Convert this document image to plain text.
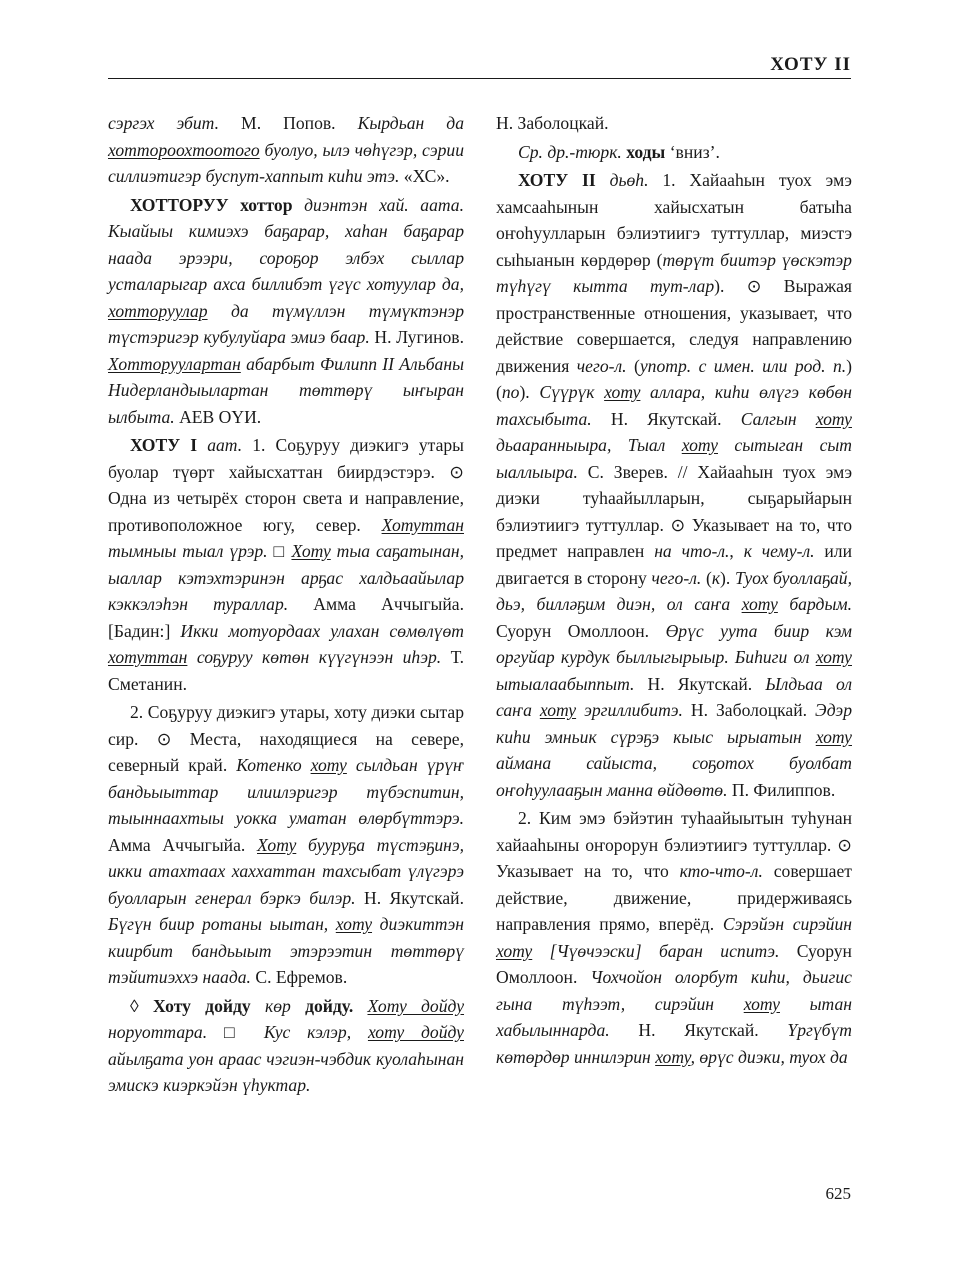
ХОТУ II

сэргэх эбит. М. Попов. Кырдьан да хоттороохтоотого буолуо, ылэ чөһүгэр, сэрии силлиэтигэр буспут-хаппыт киһи этэ. «ХС».

ХОТТОРУУ хоттор диэнтэн хай. аата. Кыайыы кимиэхэ баҕарар, хаһан баҕарар наада эрээри, сороҕор элбэх сыллар усталарыгар ахса биллибэт үгүс хотуулар да, хотторуулар да түмүллэн түмүктэнэр түстэригэр кубулуйара эмиэ баар. Н. Лугинов. Хотторуулартан абарбыт Филипп II Альбаны Нидерландыылартан төттөрү ыҥыран ылбыта. АЕВ ОҮИ.

ХОТУ I аат. 1. Соҕуруу диэкигэ утары буолар түөрт хайысхаттан биирдэстэрэ. ⊙ Одна из четырёх сторон света и направление, противоположное югу, север. Хотуттан тымныы тыал үрэр. □ Хоту тыа саҕатынан, ыаллар кэтэхтэринэн арҕас халдьаайылар кэккэлэһэн тураллар. Амма Аччыгыйа. [Бадин:] Икки мотуордаах улахан сөмөлүөт хотуттан соҕуруу көтөн күүгүнээн иһэр. Т. Сметанин.

2. Соҕуруу диэкигэ утары, хоту диэки сытар сир. ⊙ Места, находящиеся на севере, северный край. Котенко хоту сылдьан үрүҥ бандьыыттар илиилэригэр түбэспитин, тыыннаахтыы уокка уматан өлөрбүттэрэ. Амма Аччыгыйа. Хоту бууруҕа түстэҕинэ, икки атахтаах хаххаттан тахсыбат үлүгэрэ буолларын генерал бэркэ билэр. Н. Якутскай. Бүгүн биир ротаны ыытан, хоту диэкиттэн киирбит бандьыыт этэрээтин төттөрү тэйитиэххэ наада. С. Ефремов.

◊ Хоту дойду көр дойду. Хоту дойду норуоттара. □ Кус кэлэр, хоту дойду айылҕата уон араас чэгиэн-чэбдик куолаһынан эмискэ киэркэйэн үһуктар.

Н. Заболоцкай.

Ср. др.-тюрк. ходы ‘вниз’.

ХОТУ II дьөһ. 1. Хайааһын туох эмэ хамсааһынын хайысхатын батыһа оҥоһуулларын бэлиэтиигэ туттуллар, миэстэ сыһыанын көрдөрөр (төрүт биитэр үөскэтэр түһүгү кытта тут-лар). ⊙ Выражая пространственные отношения, указывает, что действие совершается, следуя направлению движения чего-л. (употр. с имен. или род. п.) (по). Сүүрүк хоту аллара, киһи өлүгэ көбөн тахсыбыта. Н. Якутскай. Салгын хоту дьааранныыра, Тыал хоту сытыган сыт ыаллыыра. С. Зверев. // Хайааһын туох эмэ диэки туһаайылларын, сыҕарыйарын бэлиэтиигэ туттуллар. ⊙ Указывает на то, что предмет направлен на что-л., к чему-л. или двигается в сторону чего-л. (к). Туох буоллаҕай, дьэ, билләҕим диэн, ол саҥа хоту бардым. Суорун Омоллоон. Өрүс уута биир кэм оргуйар курдук быллыгырыыр. Биһиги ол хоту ытыалаабыппыт. Н. Якутскай. Ылдьаа ол саҥа хоту эргиллибитэ. Н. Заболоцкай. Эдэр киһи эмньик сүрэҕэ кыыс ырыатын хоту аймана сайыста, соҕотох буолбат оҥоһуулааҕын манна өйдөөтө. П. Филиппов.

2. Ким эмэ бэйэтин туһаайыытын туһунан хайааһыны оҥорорун бэлиэтиигэ туттуллар. ⊙ Указывает на то, что кто-что-л. совершает действие, движение, придерживаясь направления прямо, вперёд. Сэрэйэн сирэйин хоту [Чүөчээски] баран испитэ. Суорун Омоллоон. Чохчойон олорбут киһи, дьигис гына түһээт, сирэйин хоту ытан хабылыннарда. Н. Якутскай. Үргүбүт көтөрдөр иннилэрин хоту, өрүс диэки, туох да

625
